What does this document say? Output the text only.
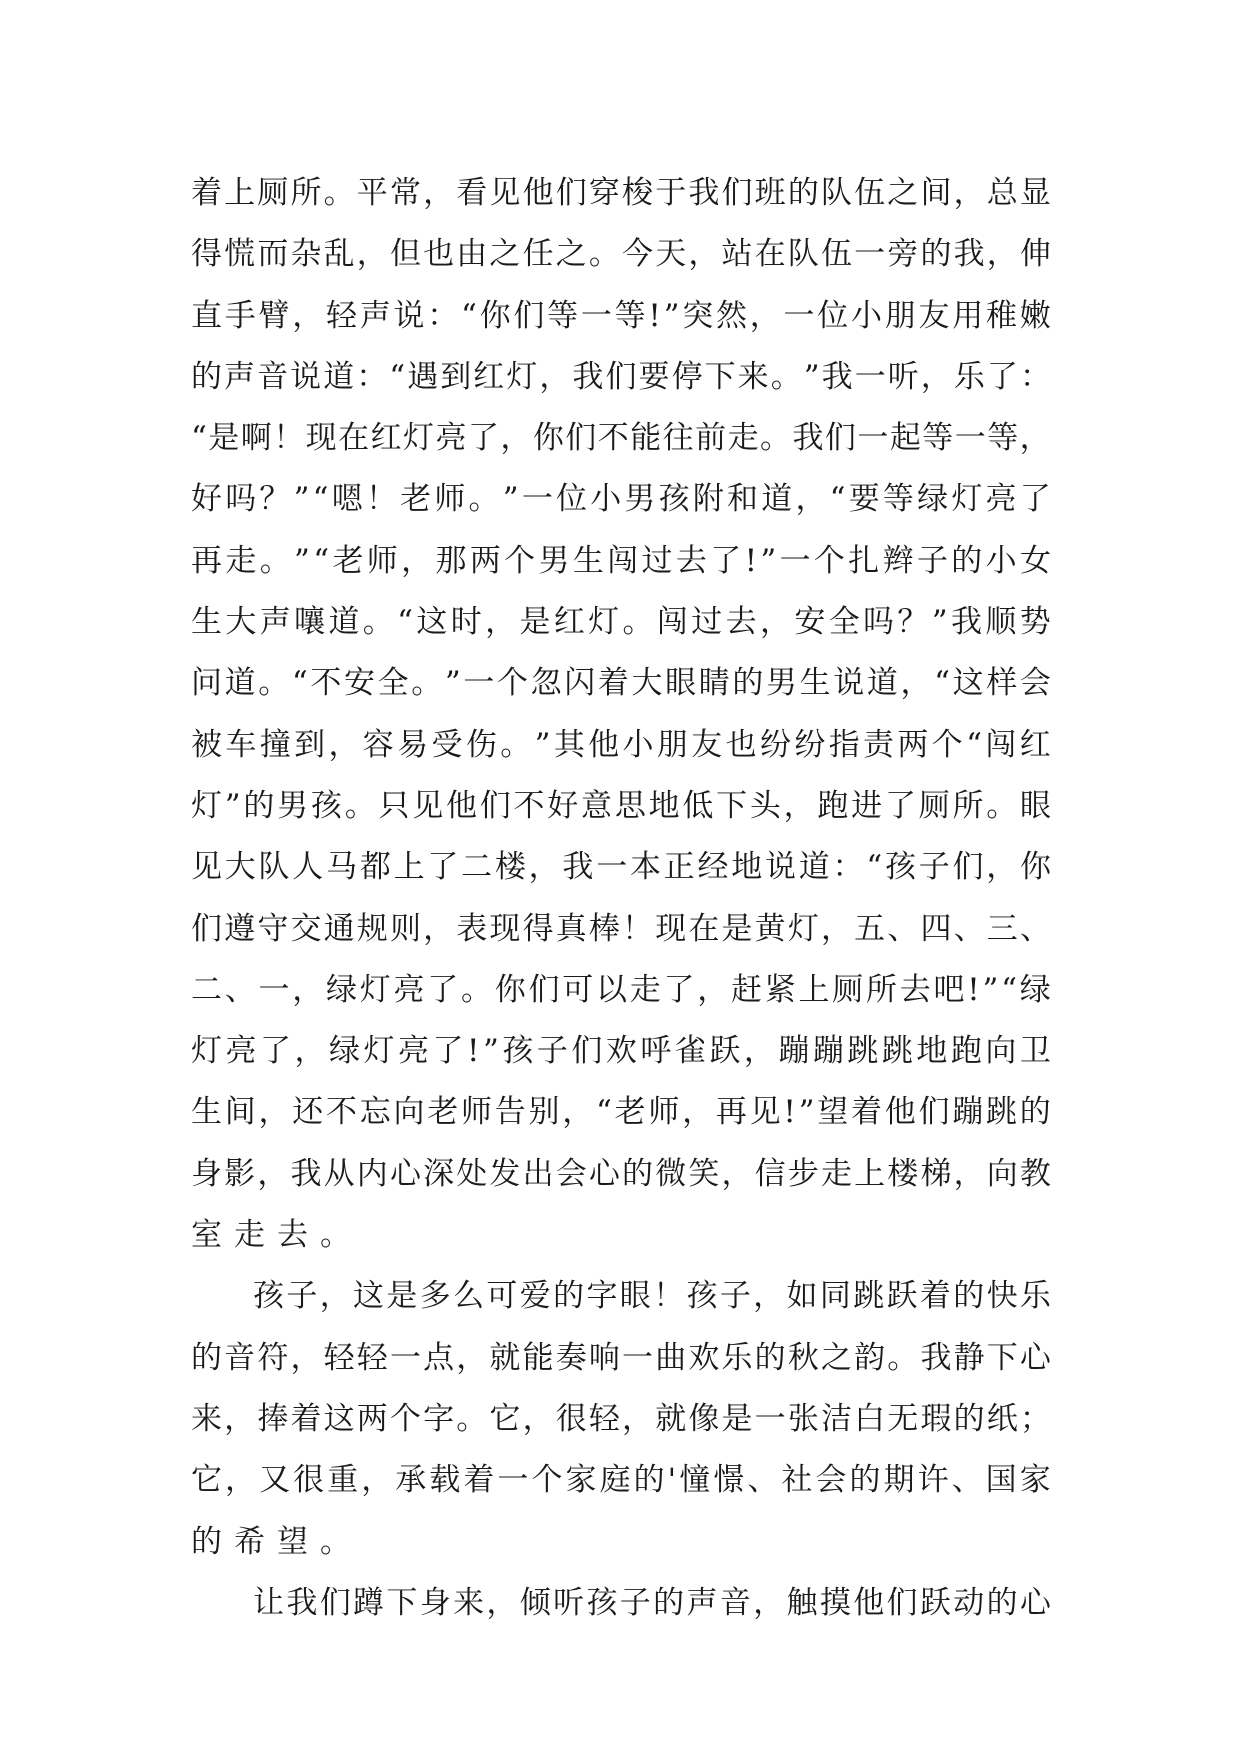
着 上 厕 所 。 平 常 ， 看 见 他 们 穿 梭 于 我 们 班 的 队 伍 之 间 ， 总 显
得 慌 而 杂 乱 ， 但 也 由 之 任 之 。 今 天 ， 站 在 队 伍 一 旁 的 我 ， 伸
直 手 臂 ， 轻 声 说 ： “ 你 们 等 一 等 ! ” 突 然 ， 一 位 小 朋 友 用 稚 嫩
的 声 音 说 道 ： “ 遇 到 红 灯 ， 我 们 要 停 下 来 。 ” 我 一 听 ， 乐 了 ：
“ 是 啊 ！ 现 在 红 灯 亮 了 ， 你 们 不 能 往 前 走 。 我 们 一 起 等 一 等 ，
好 吗 ？ ” “ 嗯 ！ 老 师 。 ” 一 位 小 男 孩 附 和 道 ， “ 要 等 绿 灯 亮 了
再 走 。 ” “ 老 师 ， 那 两 个 男 生 闯 过 去 了 ! ” 一 个 扎 辫 子 的 小 女
生 大 声 嚷 道 。 “ 这 时 ， 是 红 灯 。 闯 过 去 ， 安 全 吗 ？ ” 我 顺 势
问 道 。 “ 不 安 全 。 ” 一 个 忽 闪 着 大 眼 睛 的 男 生 说 道 ， “ 这 样 会
被 车 撞 到 ， 容 易 受 伤 。 ” 其 他 小 朋 友 也 纷 纷 指 责 两 个 “ 闯 红
灯 ” 的 男 孩 。 只 见 他 们 不 好 意 思 地 低 下 头 ， 跑 进 了 厕 所 。 眼
见 大 队 人 马 都 上 了 二 楼 ， 我 一 本 正 经 地 说 道 ： “ 孩 子 们 ， 你
们 遵 守 交 通 规 则 ， 表 现 得 真 棒 ！ 现 在 是 黄 灯 ， 五 、 四 、 三 、
二 、 一 ， 绿 灯 亮 了 。 你 们 可 以 走 了 ， 赶 紧 上 厕 所 去 吧 ! ” “ 绿
灯 亮 了 ， 绿 灯 亮 了 ! ” 孩 子 们 欢 呼 雀 跃 ， 蹦 蹦 跳 跳 地 跑 向 卫
生 间 ， 还 不 忘 向 老 师 告 别 ， “ 老 师 ， 再 见 ! ” 望 着 他 们 蹦 跳 的
身 影 ， 我 从 内 心 深 处 发 出 会 心 的 微 笑 ， 信 步 走 上 楼 梯 ， 向 教
室走去。
孩 子 ， 这 是 多 么 可 爱 的 字 眼 ！ 孩 子 ， 如 同 跳 跃 着 的 快 乐
的 音 符 ， 轻 轻 一 点 ， 就 能 奏 响 一 曲 欢 乐 的 秋 之 韵 。 我 静 下 心
来 ， 捧 着 这 两 个 字 。 它 ， 很 轻 ， 就 像 是 一 张 洁 白 无 瑕 的 纸 ；
它 ， 又 很 重 ， 承 载 着 一 个 家 庭 的 ' 憧 憬 、 社 会 的 期 许 、 国 家
的希望。
让 我 们 蹲 下 身 来 ， 倾 听 孩 子 的 声 音 ， 触 摸 他 们 跃 动 的 心
